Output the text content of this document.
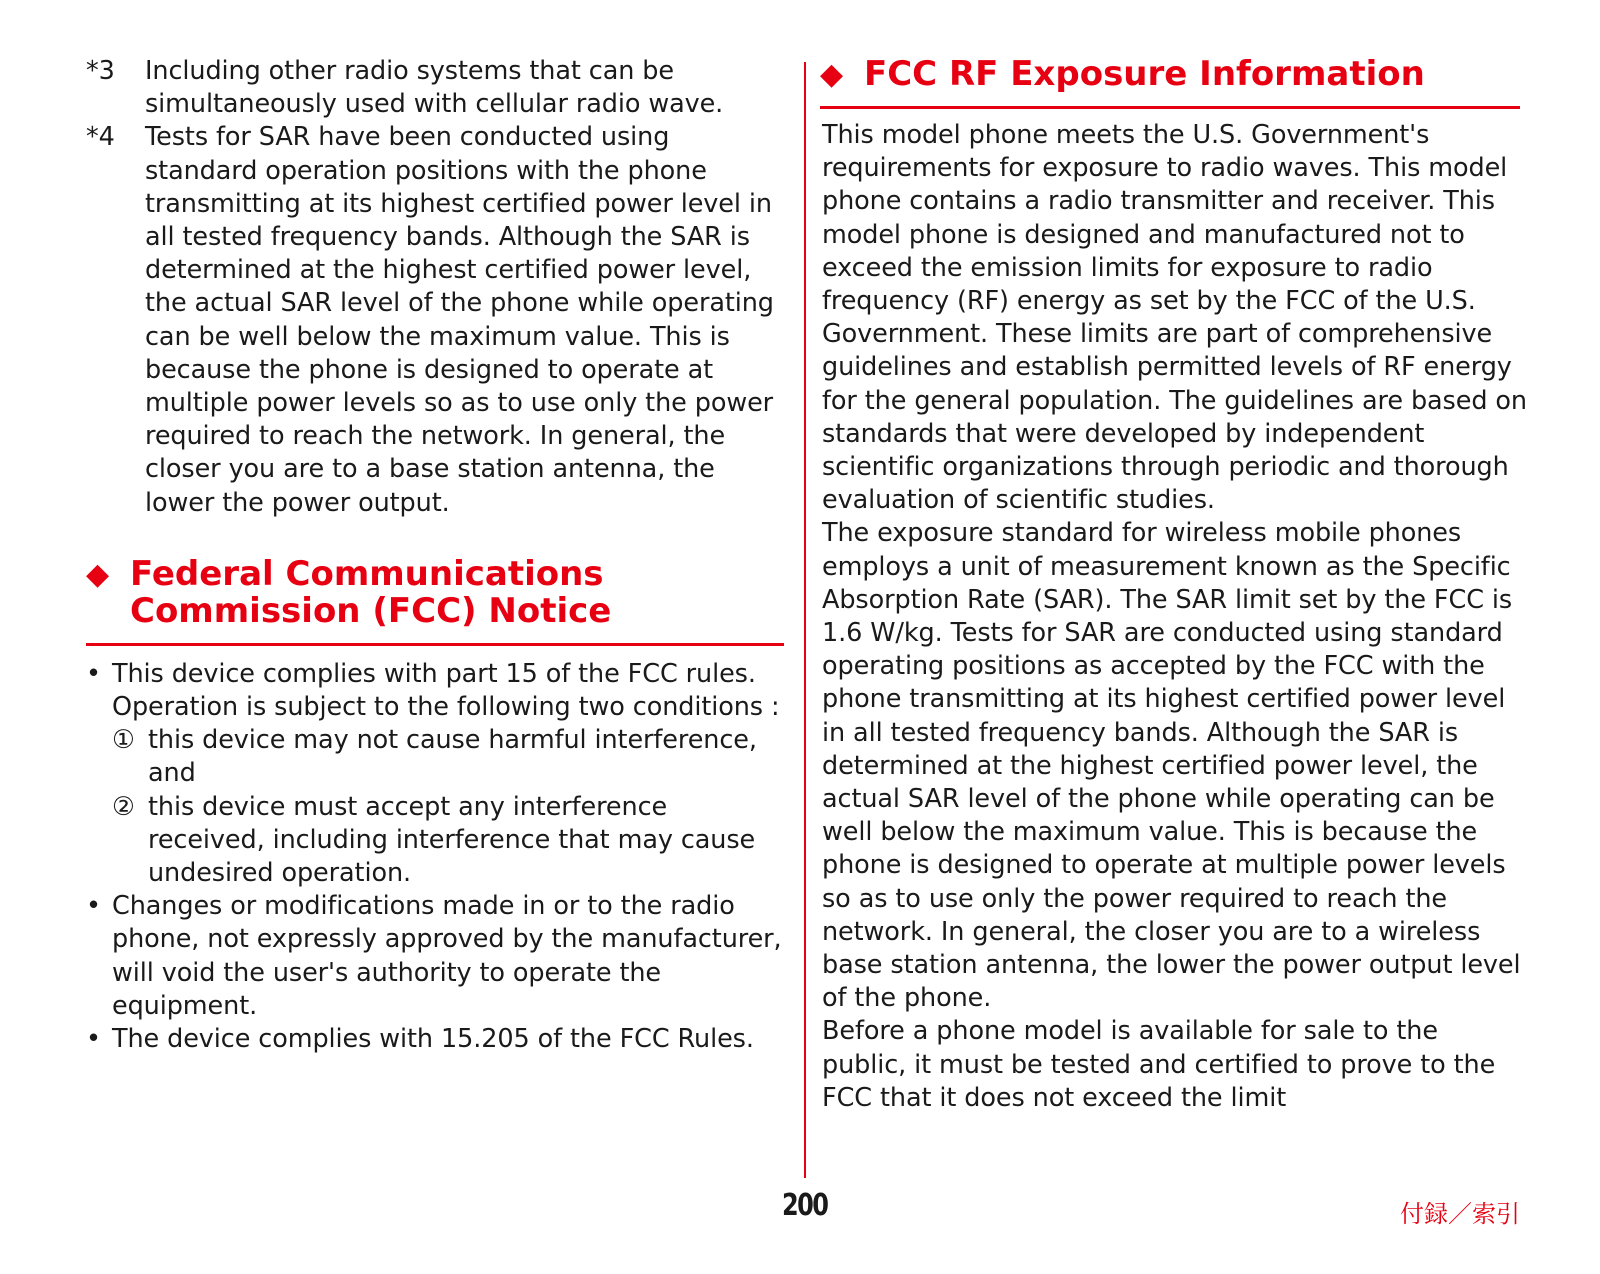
*3	Including other radio systems that can be simultaneously used with cellular radio wave.
*4	Tests for SAR have been conducted using standard operation positions with the phone transmitting at its highest certified power level in all tested frequency bands. Although the SAR is determined at the highest certified power level, the actual SAR level of the phone while operating can be well below the maximum value. This is because the phone is designed to operate at multiple power levels so as to use only the power required to reach the network. In general, the closer you are to a base station antenna, the lower the power output.
◆ Federal Communications
Commission (FCC) Notice
• This device complies with part 15 of the FCC rules.

Operation is subject to the following two conditions :

① this device may not cause harmful interference, and
② this device must accept any interference received, including interference that may cause undesired operation.
• Changes or modifications made in or to the radio phone, not expressly approved by the manufacturer, will void the user's authority to operate the equipment.
• The device complies with 15.205 of the FCC Rules.
◆ FCC RF Exposure Information

This model phone meets the U.S. Government's requirements for exposure to radio waves. This model phone contains a radio transmitter and receiver. This model phone is designed and manufactured not to exceed the emission limits for exposure to radio frequency (RF) energy as set by the FCC of the U.S. Government. These limits are part of comprehensive guidelines and establish permitted levels of RF energy for the general population. The guidelines are based on standards that were developed by independent scientific organizations through periodic and thorough evaluation of scientific studies.

The exposure standard for wireless mobile phones employs a unit of measurement known as the Specific Absorption Rate (SAR). The SAR limit set by the FCC is 1.6 W/kg. Tests for SAR are conducted using standard operating positions as accepted by the FCC with the phone transmitting at its highest certified power level in all tested frequency bands. Although the SAR is determined at the highest certified power level, the actual SAR level of the phone while operating can be well below the maximum value. This is because the phone is designed to operate at multiple power levels so as to use only the power required to reach the network. In general, the closer you are to a wireless base station antenna, the lower the power output level of the phone.

Before a phone model is available for sale to the public, it must be tested and certified to prove to the FCC that it does not exceed the limit

200	付録／索引
